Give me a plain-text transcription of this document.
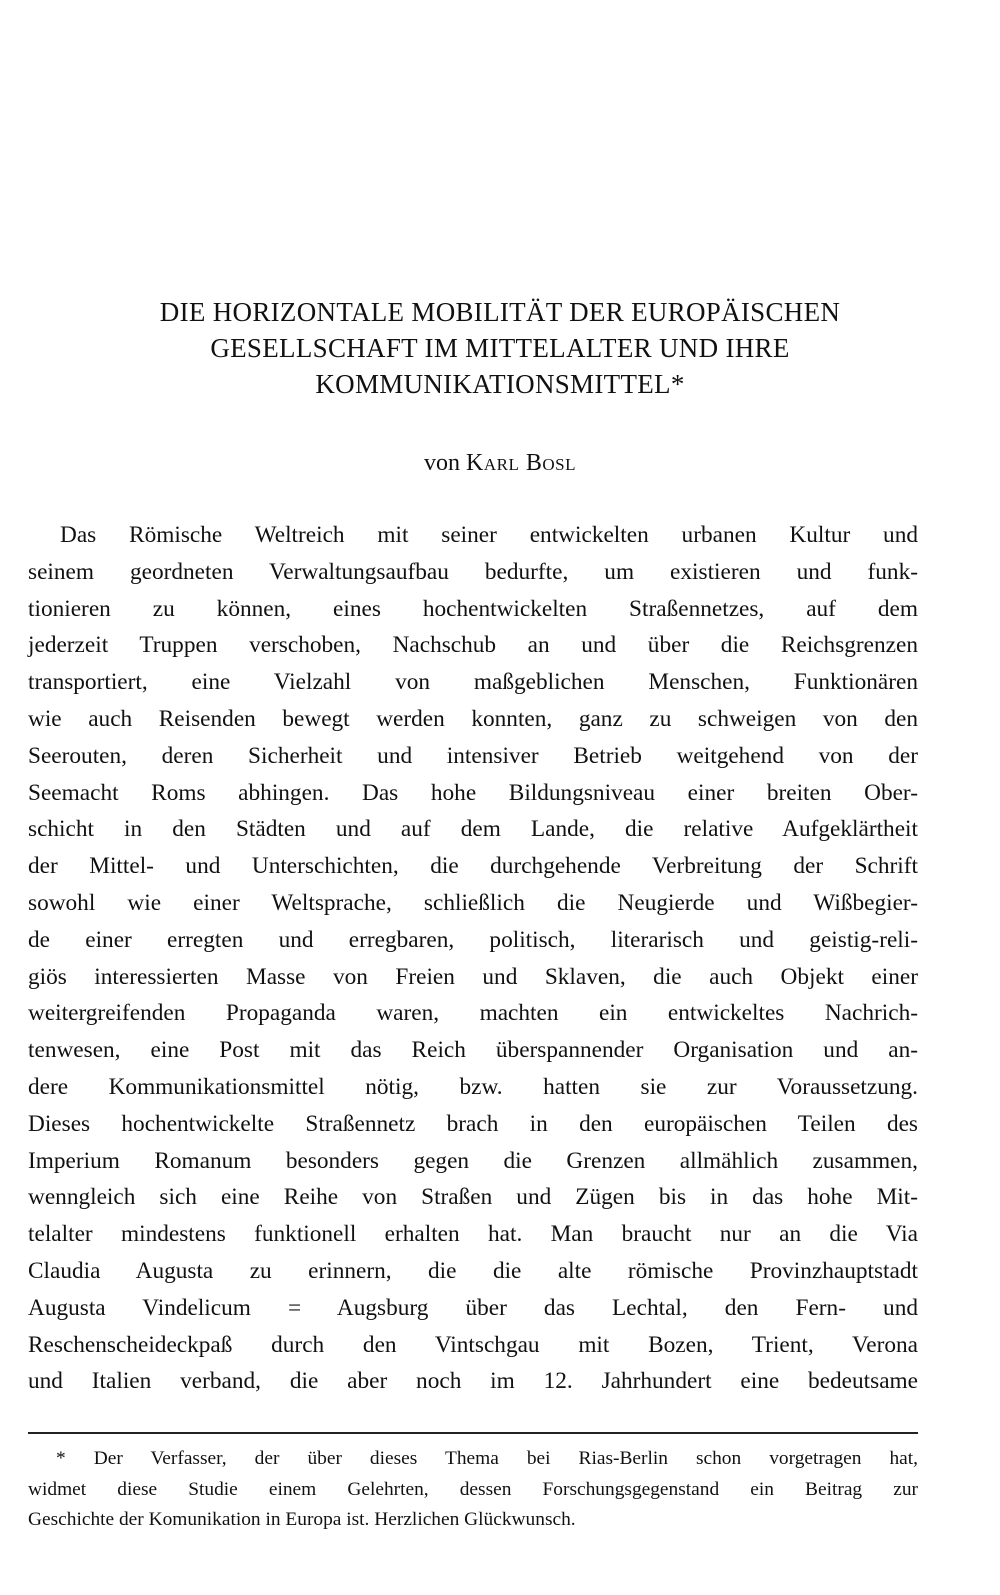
DIE HORIZONTALE MOBILITÄT DER EUROPÄISCHEN
GESELLSCHAFT IM MITTELALTER UND IHRE
KOMMUNIKATIONSMITTEL*
von Karl Bosl
Das Römische Weltreich mit seiner entwickelten urbanen Kultur und
seinem geordneten Verwaltungsaufbau bedurfte, um existieren und funk-
tionieren zu können, eines hochentwickelten Straßennetzes, auf dem
jederzeit Truppen verschoben, Nachschub an und über die Reichsgrenzen
transportiert, eine Vielzahl von maßgeblichen Menschen, Funktionären
wie auch Reisenden bewegt werden konnten, ganz zu schweigen von den
Seerouten, deren Sicherheit und intensiver Betrieb weitgehend von der
Seemacht Roms abhingen. Das hohe Bildungsniveau einer breiten Ober-
schicht in den Städten und auf dem Lande, die relative Aufgeklärtheit
der Mittel- und Unterschichten, die durchgehende Verbreitung der Schrift
sowohl wie einer Weltsprache, schließlich die Neugierde und Wißbegier-
de einer erregten und erregbaren, politisch, literarisch und geistig-reli-
giös interessierten Masse von Freien und Sklaven, die auch Objekt einer
weitergreifenden Propaganda waren, machten ein entwickeltes Nachrich-
tenwesen, eine Post mit das Reich überspannender Organisation und an-
dere Kommunikationsmittel nötig, bzw. hatten sie zur Voraussetzung.
Dieses hochentwickelte Straßennetz brach in den europäischen Teilen des
Imperium Romanum besonders gegen die Grenzen allmählich zusammen,
wenngleich sich eine Reihe von Straßen und Zügen bis in das hohe Mit-
telalter mindestens funktionell erhalten hat. Man braucht nur an die Via
Claudia Augusta zu erinnern, die die alte römische Provinzhauptstadt
Augusta Vindelicum = Augsburg über das Lechtal, den Fern- und
Reschenscheideckpaß durch den Vintschgau mit Bozen, Trient, Verona
und Italien verband, die aber noch im 12. Jahrhundert eine bedeutsame
* Der Verfasser, der über dieses Thema bei Rias-Berlin schon vorgetragen hat,
widmet diese Studie einem Gelehrten, dessen Forschungsgegenstand ein Beitrag zur
Geschichte der Komunikation in Europa ist. Herzlichen Glückwunsch.
